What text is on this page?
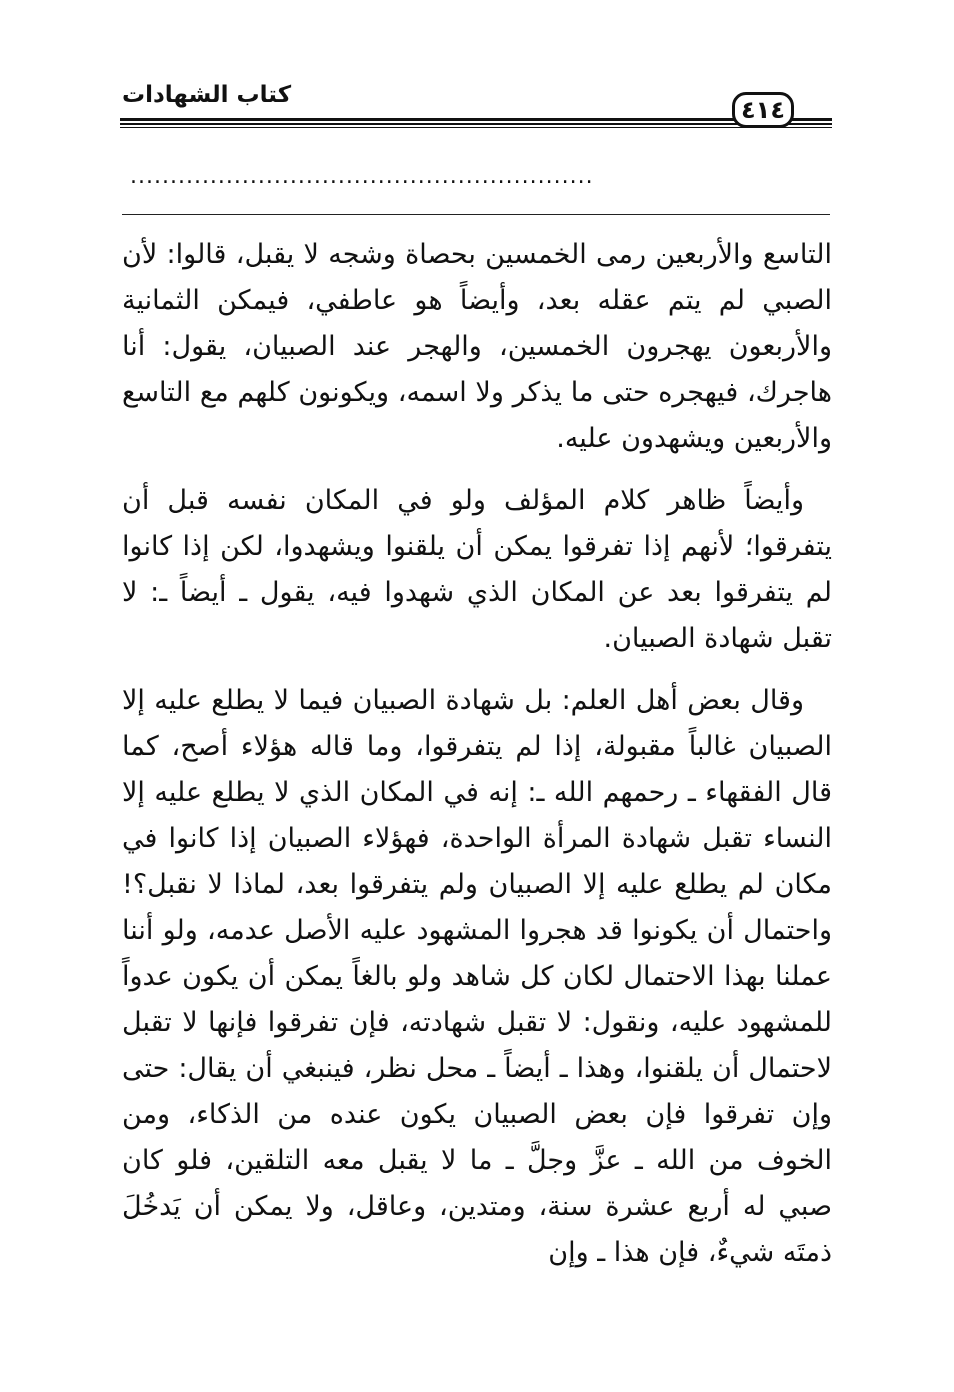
٤١٤
كتاب الشهادات
..........................................................

التاسع والأربعين رمى الخمسين بحصاة وشجه لا يقبل، قالوا: لأن الصبي لم يتم عقله بعد، وأيضاً هو عاطفي، فيمكن الثمانية والأربعون يهجرون الخمسين، والهجر عند الصبيان، يقول: أنا هاجرك، فيهجره حتى ما يذكر ولا اسمه، ويكونون كلهم مع التاسع والأربعين ويشهدون عليه.

وأيضاً ظاهر كلام المؤلف ولو في المكان نفسه قبل أن يتفرقوا؛ لأنهم إذا تفرقوا يمكن أن يلقنوا ويشهدوا، لكن إذا كانوا لم يتفرقوا بعد عن المكان الذي شهدوا فيه، يقول ـ أيضاً ـ: لا تقبل شهادة الصبيان.

وقال بعض أهل العلم: بل شهادة الصبيان فيما لا يطلع عليه إلا الصبيان غالباً مقبولة، إذا لم يتفرقوا، وما قاله هؤلاء أصح، كما قال الفقهاء ـ رحمهم الله ـ: إنه في المكان الذي لا يطلع عليه إلا النساء تقبل شهادة المرأة الواحدة، فهؤلاء الصبيان إذا كانوا في مكان لم يطلع عليه إلا الصبيان ولم يتفرقوا بعد، لماذا لا نقبل؟! واحتمال أن يكونوا قد هجروا المشهود عليه الأصل عدمه، ولو أننا عملنا بهذا الاحتمال لكان كل شاهد ولو بالغاً يمكن أن يكون عدواً للمشهود عليه، ونقول: لا تقبل شهادته، فإن تفرقوا فإنها لا تقبل لاحتمال أن يلقنوا، وهذا ـ أيضاً ـ محل نظر، فينبغي أن يقال: حتى وإن تفرقوا فإن بعض الصبيان يكون عنده من الذكاء، ومن الخوف من الله ـ عزَّ وجلَّ ـ ما لا يقبل معه التلقين، فلو كان صبي له أربع عشرة سنة، ومتدين، وعاقل، ولا يمكن أن يَدخُلَ ذمتَه شيءٌ، فإن هذا ـ وإن
